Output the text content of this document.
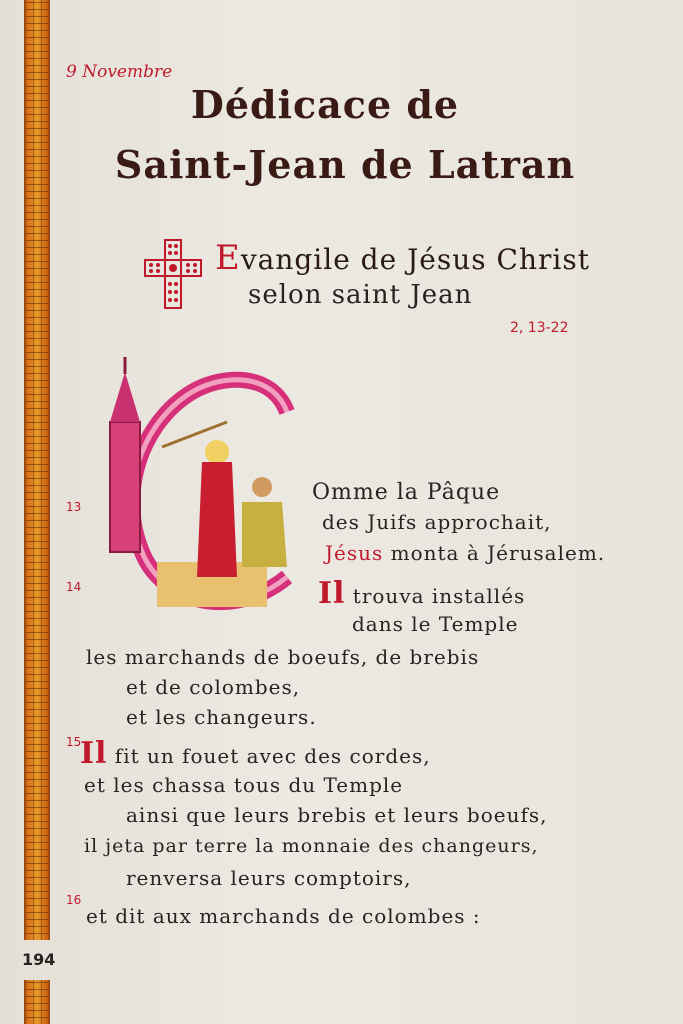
9 Novembre
Dédicace de
Saint-Jean de Latran
Evangile de Jésus Christ
selon saint Jean
2, 13-22
13
14
15
16
Omme la Pâque
des Juifs approchait,
Jésus monta à Jérusalem.
Il trouva installés
dans le Temple
les marchands de boeufs, de brebis
et de colombes,
et les changeurs.
Il fit un fouet avec des cordes,
et les chassa tous du Temple
ainsi que leurs brebis et leurs boeufs,
il jeta par terre la monnaie des changeurs,
renversa leurs comptoirs,
et dit aux marchands de colombes :
194
